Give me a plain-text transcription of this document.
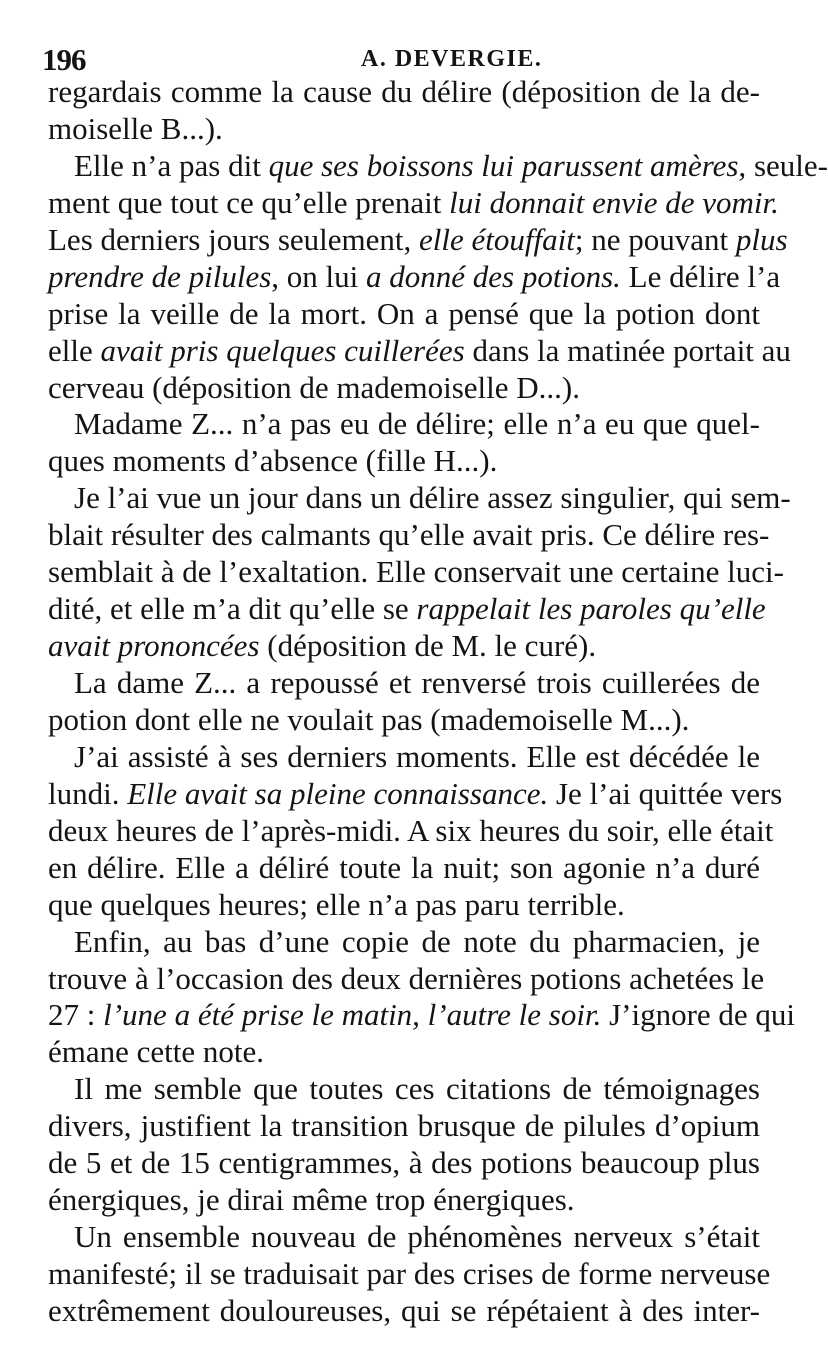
196	A. DEVERGIE.
regardais comme la cause du délire (déposition de la de-
moiselle B...).
Elle n’a pas dit que ses boissons lui parussent amères, seule-
ment que tout ce qu’elle prenait lui donnait envie de vomir.
Les derniers jours seulement, elle étouffait; ne pouvant plus
prendre de pilules, on lui a donné des potions. Le délire l’a
prise la veille de la mort. On a pensé que la potion dont
elle avait pris quelques cuillerées dans la matinée portait au
cerveau (déposition de mademoiselle D...).
Madame Z... n’a pas eu de délire; elle n’a eu que quel-
ques moments d’absence (fille H...).
Je l’ai vue un jour dans un délire assez singulier, qui sem-
blait résulter des calmants qu’elle avait pris. Ce délire res-
semblait à de l’exaltation. Elle conservait une certaine luci-
dité, et elle m’a dit qu’elle se rappelait les paroles qu’elle
avait prononcées (déposition de M. le curé).
La dame Z... a repoussé et renversé trois cuillerées de
potion dont elle ne voulait pas (mademoiselle M...).
J’ai assisté à ses derniers moments. Elle est décédée le
lundi. Elle avait sa pleine connaissance. Je l’ai quittée vers
deux heures de l’après-midi. A six heures du soir, elle était
en délire. Elle a déliré toute la nuit; son agonie n’a duré
que quelques heures; elle n’a pas paru terrible.
Enfin, au bas d’une copie de note du pharmacien, je
trouve à l’occasion des deux dernières potions achetées le
27 : l’une a été prise le matin, l’autre le soir. J’ignore de qui
émane cette note.
Il me semble que toutes ces citations de témoignages
divers, justifient la transition brusque de pilules d’opium
de 5 et de 15 centigrammes, à des potions beaucoup plus
énergiques, je dirai même trop énergiques.
Un ensemble nouveau de phénomènes nerveux s’était
manifesté; il se traduisait par des crises de forme nerveuse
extrêmement douloureuses, qui se répétaient à des inter-
